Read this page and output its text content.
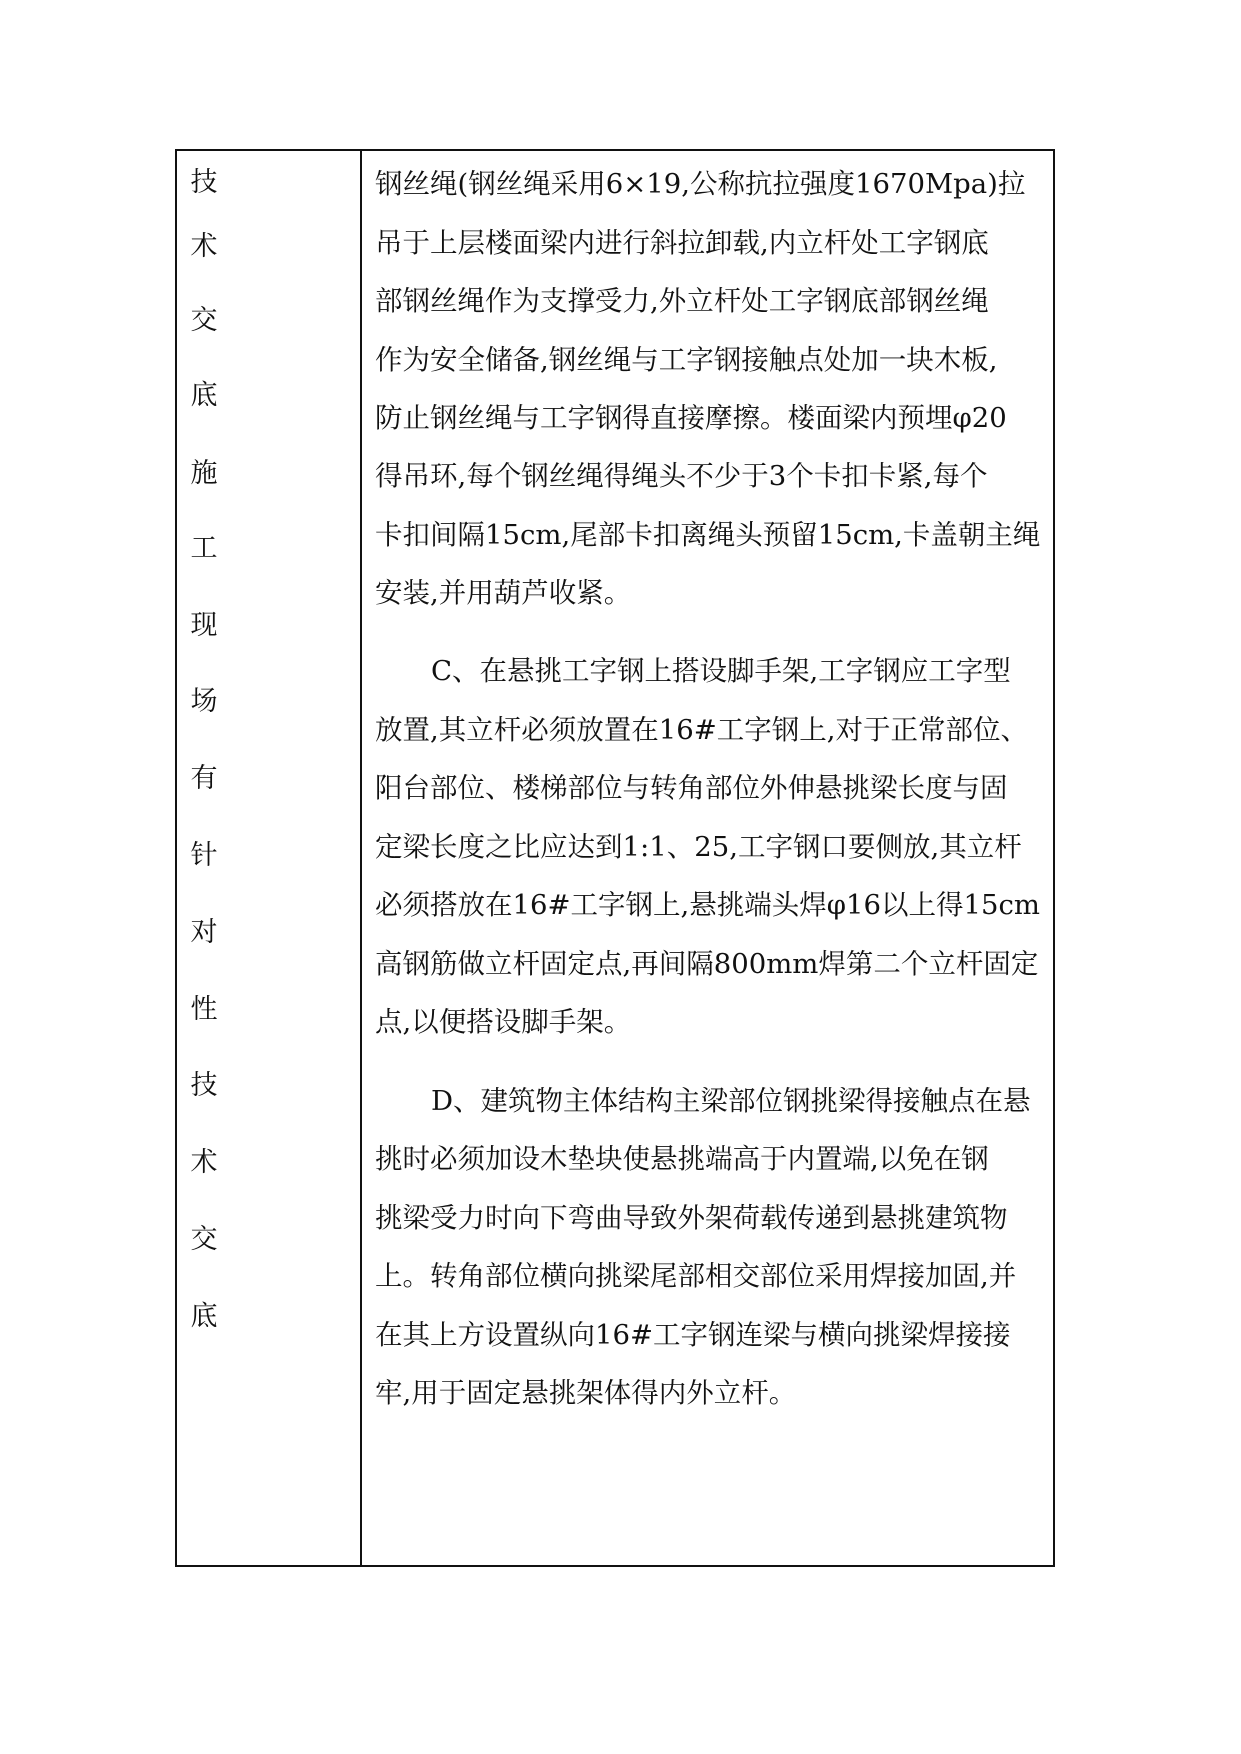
技
术
交
底
施
工
现
场
有
针
对
性
技
术
交
底
钢丝绳(钢丝绳采用6×19,公称抗拉强度1670Mpa)拉
吊于上层楼面梁内进行斜拉卸载,内立杆处工字钢底
部钢丝绳作为支撑受力,外立杆处工字钢底部钢丝绳
作为安全储备,钢丝绳与工字钢接触点处加一块木板,
防止钢丝绳与工字钢得直接摩擦。楼面梁内预埋φ20
得吊环,每个钢丝绳得绳头不少于3个卡扣卡紧,每个
卡扣间隔15cm,尾部卡扣离绳头预留15cm,卡盖朝主绳
安装,并用葫芦收紧。
C、在悬挑工字钢上搭设脚手架,工字钢应工字型
放置,其立杆必须放置在16#工字钢上,对于正常部位、
阳台部位、楼梯部位与转角部位外伸悬挑梁长度与固
定梁长度之比应达到1:1、25,工字钢口要侧放,其立杆
必须搭放在16#工字钢上,悬挑端头焊φ16以上得15cm
高钢筋做立杆固定点,再间隔800mm焊第二个立杆固定
点,以便搭设脚手架。
D、建筑物主体结构主梁部位钢挑梁得接触点在悬
挑时必须加设木垫块使悬挑端高于内置端,以免在钢
挑梁受力时向下弯曲导致外架荷载传递到悬挑建筑物
上。转角部位横向挑梁尾部相交部位采用焊接加固,并
在其上方设置纵向16#工字钢连梁与横向挑梁焊接接
牢,用于固定悬挑架体得内外立杆。
